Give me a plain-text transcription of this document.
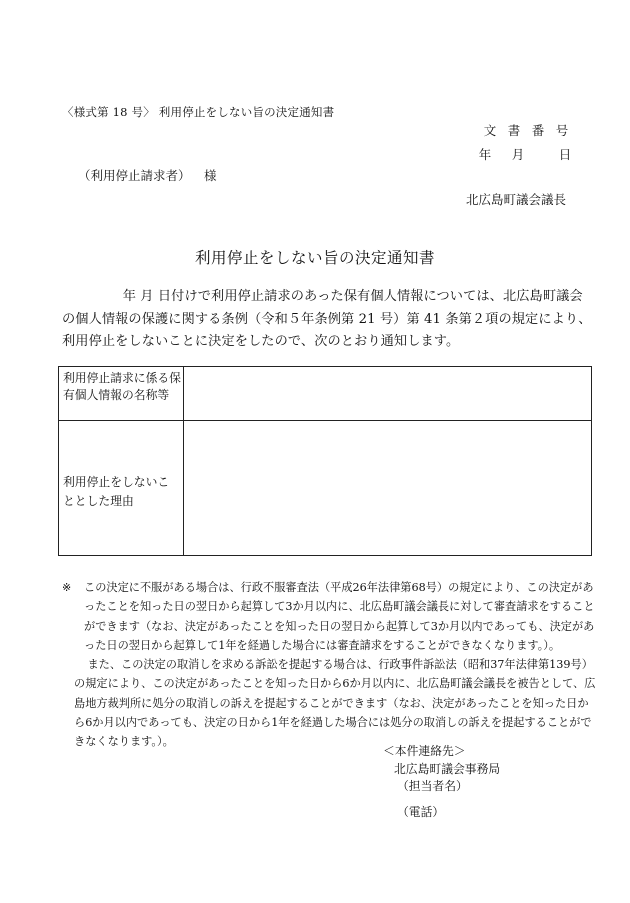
〈様式第 18 号〉 利用停止をしない旨の決定通知書
文 書 番 号
年 月	日
（利用停止請求者） 様
北広島町議会議長
利用停止をしない旨の決定通知書
年 月 日付けで利用停止請求のあった保有個人情報については、北広島町議会の個人情報の保護に関する条例（令和５年条例第 21 号）第 41 条第２項の規定により、利用停止をしないことに決定をしたので、次のとおり通知します。
利用停止請求に係る保有個人情報の名称等
利用停止をしないこととした理由
※ この決定に不服がある場合は、行政不服審査法（平成26年法律第68号）の規定により、この決定があったことを知った日の翌日から起算して3か月以内に、北広島町議会議長に対して審査請求をすることができます（なお、決定があったことを知った日の翌日から起算して3か月以内であっても、決定があった日の翌日から起算して1年を経過した場合には審査請求をすることができなくなります。）。

また、この決定の取消しを求める訴訟を提起する場合は、行政事件訴訟法（昭和37年法律第139号）の規定により、この決定があったことを知った日から6か月以内に、北広島町議会議長を被告として、広島地方裁判所に処分の取消しの訴えを提起することができます（なお、決定があったことを知った日から6か月以内であっても、決定の日から1年を経過した場合には処分の取消しの訴えを提起することができなくなります。）。

＜本件連絡先＞
北広島町議会事務局
（担当者名）
（電話）
